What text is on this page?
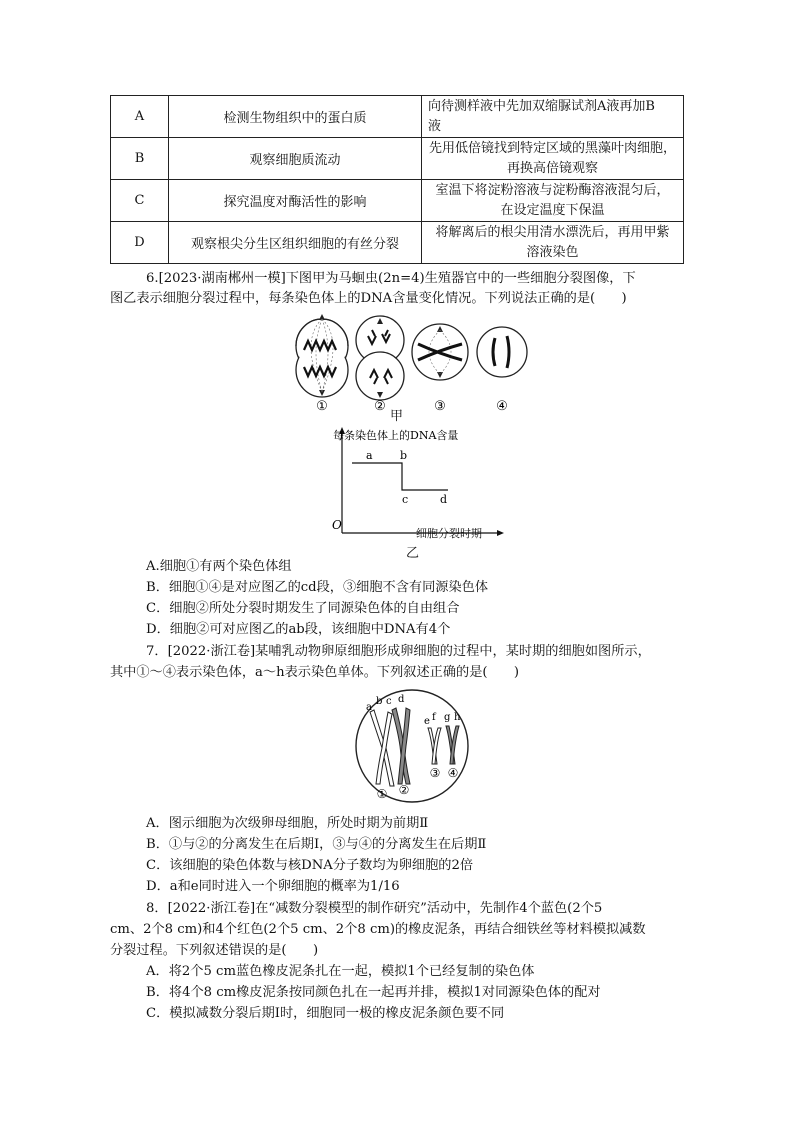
A	检测生物组织中的蛋白质	向待测样液中先加双缩脲试剂A液再加B
液
B	观察细胞质流动	先用低倍镜找到特定区域的黑藻叶肉细胞，
再换高倍镜观察
C	探究温度对酶活性的影响	室温下将淀粉溶液与淀粉酶溶液混匀后，
在设定温度下保温
D	观察根尖分生区组织细胞的有丝分裂	将解离后的根尖用清水漂洗后，再用甲紫
溶液染色
6.[2023·湖南郴州一模]下图甲为马蛔虫(2n=4)生殖器官中的一些细胞分裂图像，下
图乙表示细胞分裂过程中，每条染色体上的DNA含量变化情况。下列说法正确的是(　　)
①	②	③	④
甲
每条染色体上的DNA含量
O
a b
c	d
细胞分裂时期
乙
A.细胞①有两个染色体组
B．细胞①④是对应图乙的cd段，③细胞不含有同源染色体
C．细胞②所处分裂时期发生了同源染色体的自由组合
D．细胞②可对应图乙的ab段，该细胞中DNA有4个
7．[2022·浙江卷]某哺乳动物卵原细胞形成卵细胞的过程中，某时期的细胞如图所示，
其中①～④表示染色体，a～h表示染色单体。下列叙述正确的是(　　)
a
b c d
e f g h
① ②
③ ④
A．图示细胞为次级卵母细胞，所处时期为前期Ⅱ
B．①与②的分离发生在后期Ⅰ，③与④的分离发生在后期Ⅱ
C．该细胞的染色体数与核DNA分子数均为卵细胞的2倍
D．a和e同时进入一个卵细胞的概率为1/16
8．[2022·浙江卷]在“减数分裂模型的制作研究”活动中，先制作4个蓝色(2个5
cm、2个8 cm)和4个红色(2个5 cm、2个8 cm)的橡皮泥条，再结合细铁丝等材料模拟减数
分裂过程。下列叙述错误的是(　　)
A．将2个5 cm蓝色橡皮泥条扎在一起，模拟1个已经复制的染色体
B．将4个8 cm橡皮泥条按同颜色扎在一起再并排，模拟1对同源染色体的配对
C．模拟减数分裂后期Ⅰ时，细胞同一极的橡皮泥条颜色要不同
